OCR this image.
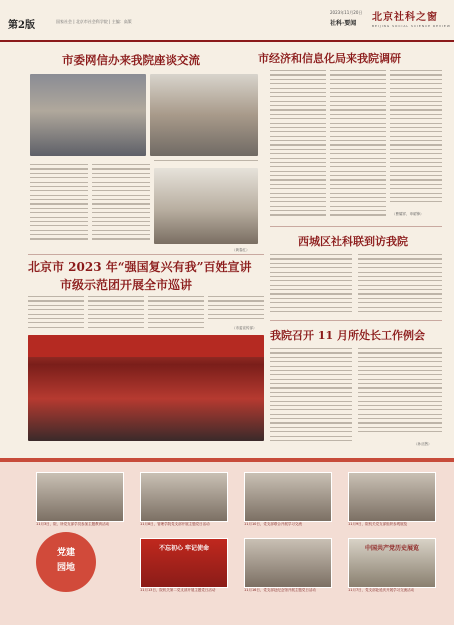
第2版	国家社会 | 北京市社会科学院 | 主编：高策
2023年11月20日
社科·要闻
北京社科之窗
BEIJING SOCIAL SCIENCE REVIEW
市委网信办来我院座谈交流
（黄春红）
北京市 2023 年“强国复兴有我”百姓宣讲
市级示范团开展全市巡讲
（市委宣传部）
市经济和信息化局来我院调研
（曹耀祥、申昭锋）
西城区社科联到访我院
我院召开 11 月所处长工作例会
（孙丛煦）
11月3日，院、所党支部学员参加主题教育活动	11月8日，管理学院党支部开展主题党日活动	11月10日，党支部联合开展学习交流	11月9日，院机关党支部组织参观展览
党建
园地
不忘初心 牢记使命
11月13日，院机关第二党支部开展主题党日活动	11月16日，党支部赴纪念馆开展主题党日活动
中国共产党历史展览
11月7日，党支部赴延庆开展学习交流活动
